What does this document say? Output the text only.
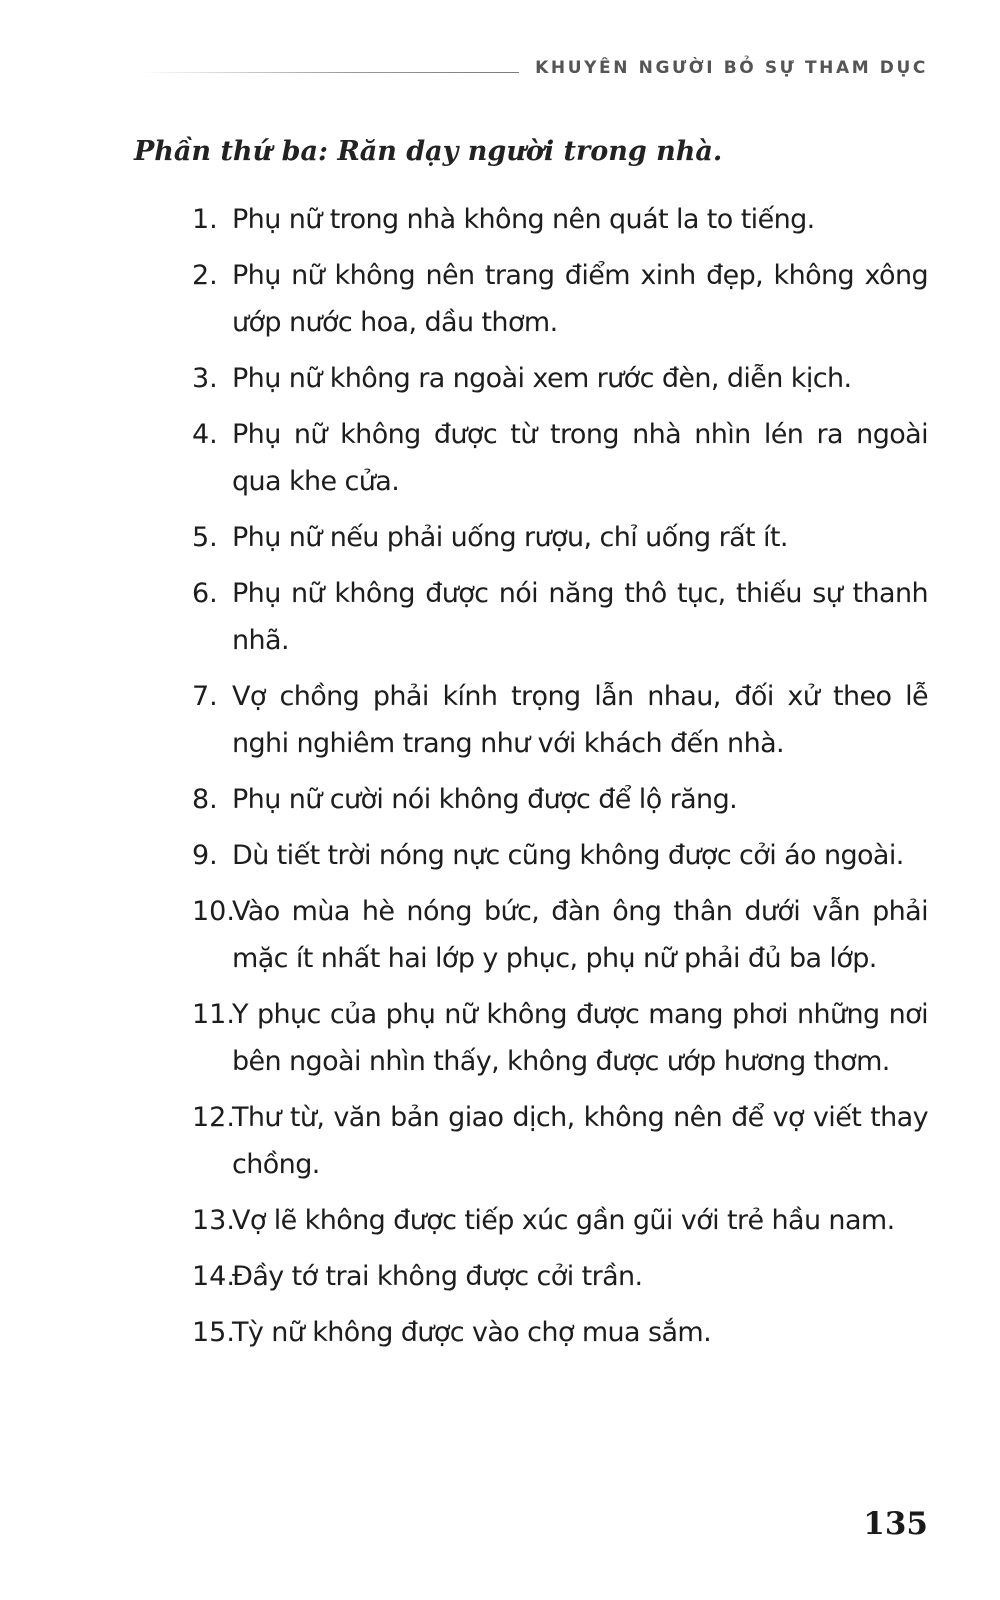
KHUYÊN NGƯỜI BỎ SỰ THAM DỤC
Phần thứ ba: Răn dạy người trong nhà.
1. Phụ nữ trong nhà không nên quát la to tiếng.
2. Phụ nữ không nên trang điểm xinh đẹp, không xông ướp nước hoa, dầu thơm.
3. Phụ nữ không ra ngoài xem rước đèn, diễn kịch.
4. Phụ nữ không được từ trong nhà nhìn lén ra ngoài qua khe cửa.
5. Phụ nữ nếu phải uống rượu, chỉ uống rất ít.
6. Phụ nữ không được nói năng thô tục, thiếu sự thanh nhã.
7. Vợ chồng phải kính trọng lẫn nhau, đối xử theo lễ nghi nghiêm trang như với khách đến nhà.
8. Phụ nữ cười nói không được để lộ răng.
9. Dù tiết trời nóng nực cũng không được cởi áo ngoài.
10.
Vào mùa hè nóng bức, đàn ông thân dưới vẫn phải mặc ít nhất hai lớp y phục, phụ nữ phải đủ ba lớp.
11.
Y phục của phụ nữ không được mang phơi những nơi bên ngoài nhìn thấy, không được ướp hương thơm.
12.
Thư từ, văn bản giao dịch, không nên để vợ viết thay chồng.
13.
Vợ lẽ không được tiếp xúc gần gũi với trẻ hầu nam.
14.
Đầy tớ trai không được cởi trần.
15.
Tỳ nữ không được vào chợ mua sắm.
135
